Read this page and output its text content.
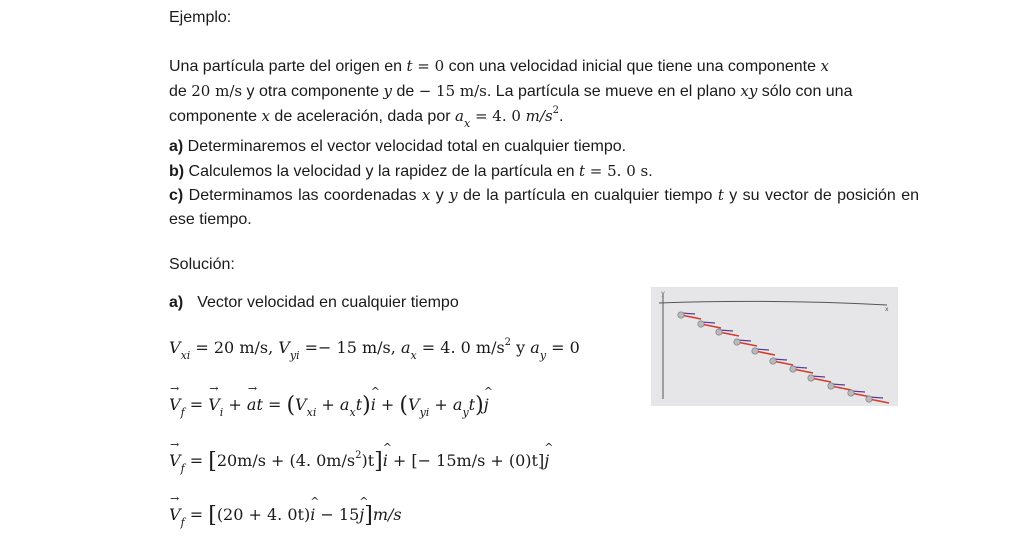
Ejemplo:
Una partícula parte del origen en t = 0 con una velocidad inicial que tiene una componente x
de 20 m/s y otra componente y de − 15 m/s. La partícula se mueve en el plano xy sólo con una
componente x de aceleración, dada por $a_x = 4$. 0 $m/s^2$.
a) Determinaremos el vector velocidad total en cualquier tiempo.
b) Calculemos la velocidad y la rapidez de la partícula en t = 5. 0 s.
c) Determinamos las coordenadas x y y de la partícula en cualquier tiempo t y su vector de posición en ese tiempo.
Solución:
a) Vector velocidad en cualquier tiempo
$V_{xi} = 20$ m/s, $V_{yi} =- 15$ m/s, $a_x = 4$. 0 $m/s^2$ y $a_y = 0$
→ $V_f$ = → $V_i$ + → at = ($V_{xi}$ + $a_xt)\^{}$ $i + (V_{yi}$ + $a_yt)\^{}$ j
→ $V_f = [20m/s + (4$. $0m/s^2)t]\^{}$ i + [− 15m/s + (0)t]^ j
→ $V_f = [(20 + 4$. 0t)^ i − 15^ j]m/s
y
x
